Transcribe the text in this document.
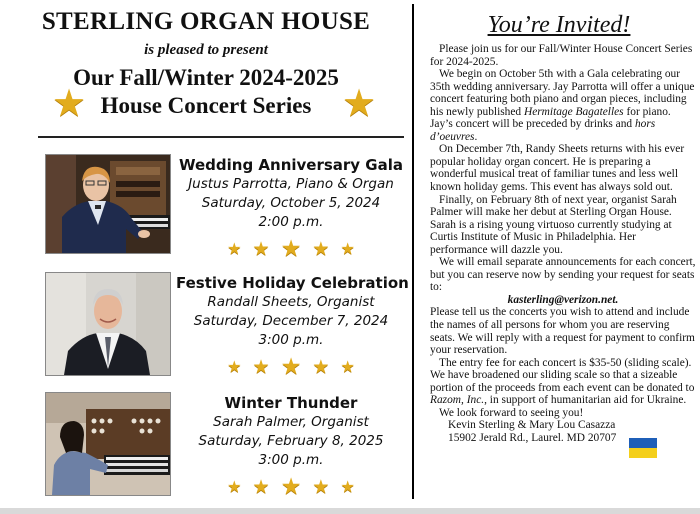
STERLING ORGAN HOUSE
is pleased to present
Our Fall/Winter 2024-2025
House Concert Series
★	★
Wedding Anniversary Gala
Justus Parrotta, Piano & Organ
Saturday, October 5, 2024
2:00 p.m.
★ ★ ★ ★ ★
Festive Holiday Celebration
Randall Sheets, Organist
Saturday, December 7, 2024
3:00 p.m.
★ ★ ★ ★ ★
Winter Thunder
Sarah Palmer, Organist
Saturday, February 8, 2025
3:00 p.m.
★ ★ ★ ★ ★
You’re Invited!

Please join us for our Fall/Winter House Concert Series for 2024-2025.

We begin on October 5th with a Gala celebrating our 35th wedding anniversary. Jay Parrotta will offer a unique concert featuring both piano and organ pieces, including his newly published Hermitage Bagatelles for piano. Jay’s concert will be preceded by drinks and hors d’oeuvres.

On December 7th, Randy Sheets returns with his ever popular holiday organ concert. He is preparing a wonderful musical treat of familiar tunes and less well known holiday gems. This event has always sold out.

Finally, on February 8th of next year, organist Sarah Palmer will make her debut at Sterling Organ House. Sarah is a rising young virtuoso currently studying at Curtis Institute of Music in Philadelphia. Her performance will dazzle you.

We will email separate announcements for each concert, but you can reserve now by sending your request for seats to:

kasterling@verizon.net.

Please tell us the concerts you wish to attend and include the names of all persons for whom you are reserving seats. We will reply with a request for payment to confirm your reservation.

The entry fee for each concert is $35-50 (sliding scale). We have broadened our sliding scale so that a sizeable portion of the proceeds from each event can be donated to Razom, Inc., in support of humanitarian aid for Ukraine.

We look forward to seeing you!

Kevin Sterling & Mary Lou Casazza

15902 Jerald Rd., Laurel. MD 20707
